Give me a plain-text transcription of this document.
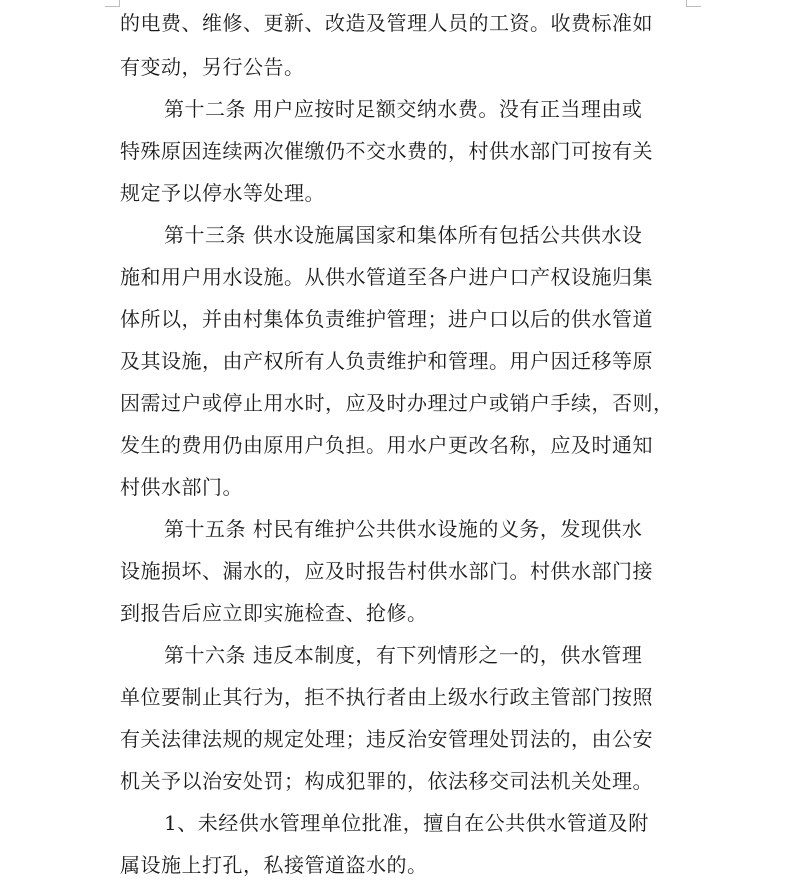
的电费、维修、更新、改造及管理人员的工资。收费标准如
有变动，另行公告。
第十二条 用户应按时足额交纳水费。没有正当理由或
特殊原因连续两次催缴仍不交水费的，村供水部门可按有关
规定予以停水等处理。
第十三条 供水设施属国家和集体所有包括公共供水设
施和用户用水设施。从供水管道至各户进户口产权设施归集
体所以，并由村集体负责维护管理；进户口以后的供水管道
及其设施，由产权所有人负责维护和管理。用户因迁移等原
因需过户或停止用水时，应及时办理过户或销户手续，否则，
发生的费用仍由原用户负担。用水户更改名称，应及时通知
村供水部门。
第十五条 村民有维护公共供水设施的义务，发现供水
设施损坏、漏水的，应及时报告村供水部门。村供水部门接
到报告后应立即实施检查、抢修。
第十六条 违反本制度，有下列情形之一的，供水管理
单位要制止其行为，拒不执行者由上级水行政主管部门按照
有关法律法规的规定处理；违反治安管理处罚法的，由公安
机关予以治安处罚；构成犯罪的，依法移交司法机关处理。
1、未经供水管理单位批准，擅自在公共供水管道及附
属设施上打孔，私接管道盗水的。
